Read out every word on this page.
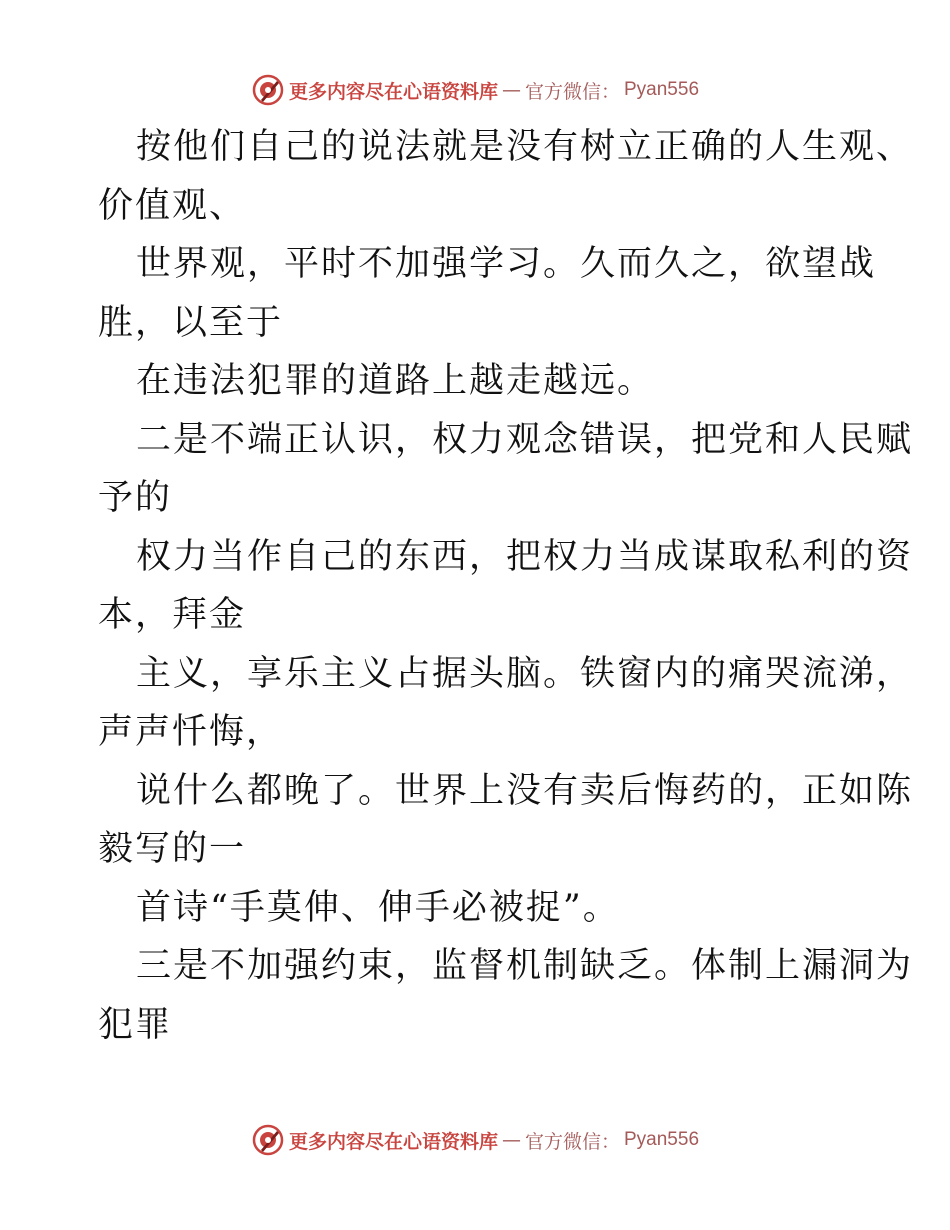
更多内容尽在心语资料库 — 官方微信： Pyan556
按他们自己的说法就是没有树立正确的人生观、
价值观、
世界观，平时不加强学习。久而久之，欲望战
胜，以至于
在违法犯罪的道路上越走越远。
二是不端正认识，权力观念错误，把党和人民赋
予的
权力当作自己的东西，把权力当成谋取私利的资
本，拜金
主义，享乐主义占据头脑。铁窗内的痛哭流涕，
声声忏悔，
说什么都晚了。世界上没有卖后悔药的，正如陈
毅写的一
首诗“手莫伸、伸手必被捉”。
三是不加强约束，监督机制缺乏。体制上漏洞为
犯罪
更多内容尽在心语资料库 — 官方微信： Pyan556
